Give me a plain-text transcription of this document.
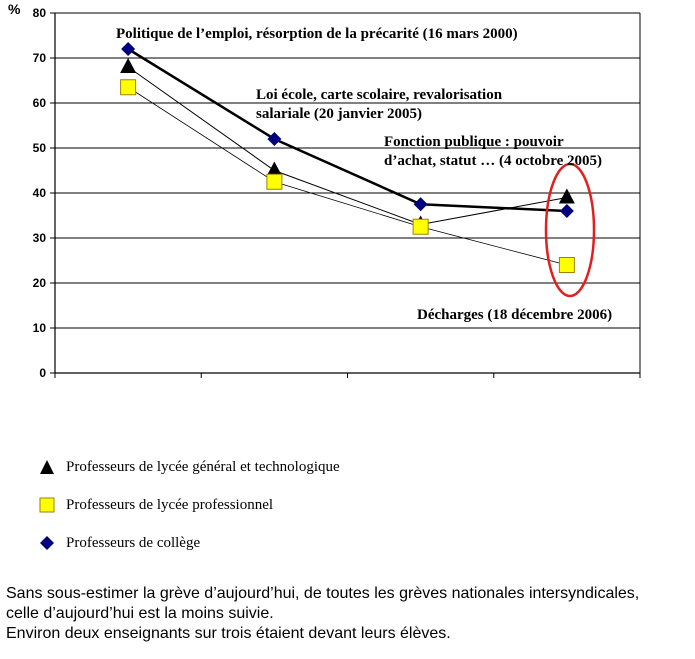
0
10
20
30
40
50
60
70
80
%
Politique de l’emploi, résorption de la précarité (16 mars 2000)
Loi école, carte scolaire, revalorisation
salariale (20 janvier 2005)
Fonction publique : pouvoir
d’achat, statut … (4 octobre 2005)
Décharges (18 décembre 2006)
Professeurs de lycée général et technologique
Professeurs de lycée professionnel
Professeurs de collège

Sans sous-estimer la grève d’aujourd’hui, de toutes les grèves nationales intersyndicales,

celle d’aujourd’hui est la moins suivie.

Environ deux enseignants sur trois étaient devant leurs élèves.
